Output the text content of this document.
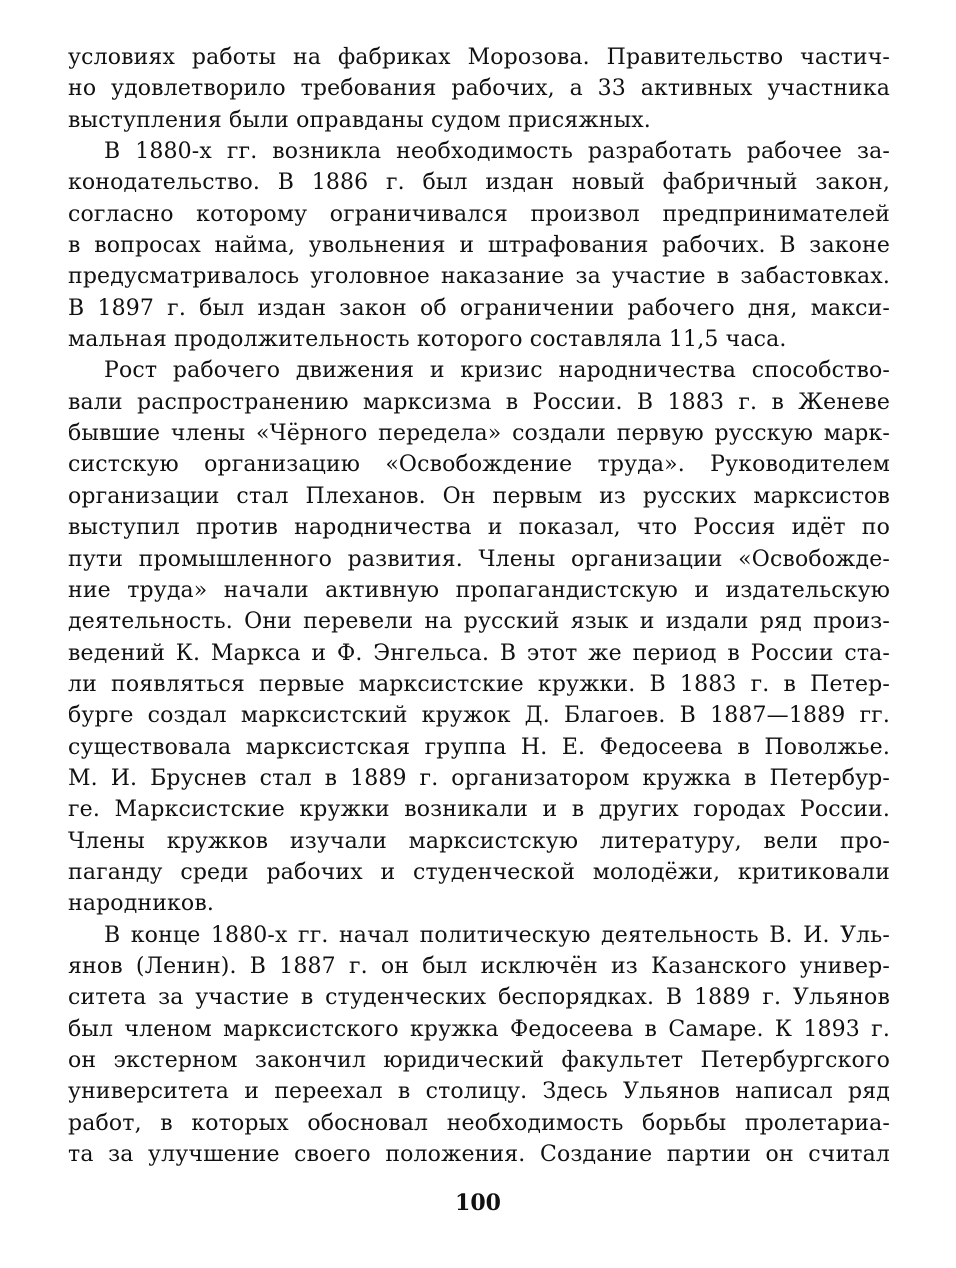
условиях работы на фабриках Морозова. Правительство частич-
но удовлетворило требования рабочих, а 33 активных участника
выступления были оправданы судом присяжных.
В 1880-х гг. возникла необходимость разработать рабочее за-
конодательство. В 1886 г. был издан новый фабричный закон,
согласно которому ограничивался произвол предпринимателей
в вопросах найма, увольнения и штрафования рабочих. В законе
предусматривалось уголовное наказание за участие в забастовках.
В 1897 г. был издан закон об ограничении рабочего дня, макси-
мальная продолжительность которого составляла 11,5 часа.
Рост рабочего движения и кризис народничества способство-
вали распространению марксизма в России. В 1883 г. в Женеве
бывшие члены «Чёрного передела» создали первую русскую марк-
систскую организацию «Освобождение труда». Руководителем
организации стал Плеханов. Он первым из русских марксистов
выступил против народничества и показал, что Россия идёт по
пути промышленного развития. Члены организации «Освобожде-
ние труда» начали активную пропагандистскую и издательскую
деятельность. Они перевели на русский язык и издали ряд произ-
ведений К. Маркса и Ф. Энгельса. В этот же период в России ста-
ли появляться первые марксистские кружки. В 1883 г. в Петер-
бурге создал марксистский кружок Д. Благоев. В 1887—1889 гг.
существовала марксистская группа Н. Е. Федосеева в Поволжье.
М. И. Бруснев стал в 1889 г. организатором кружка в Петербур-
ге. Марксистские кружки возникали и в других городах России.
Члены кружков изучали марксистскую литературу, вели про-
паганду среди рабочих и студенческой молодёжи, критиковали
народников.
В конце 1880-х гг. начал политическую деятельность В. И. Уль-
янов (Ленин). В 1887 г. он был исключён из Казанского универ-
ситета за участие в студенческих беспорядках. В 1889 г. Ульянов
был членом марксистского кружка Федосеева в Самаре. К 1893 г.
он экстерном закончил юридический факультет Петербургского
университета и переехал в столицу. Здесь Ульянов написал ряд
работ, в которых обосновал необходимость борьбы пролетариа-
та за улучшение своего положения. Создание партии он считал
100
